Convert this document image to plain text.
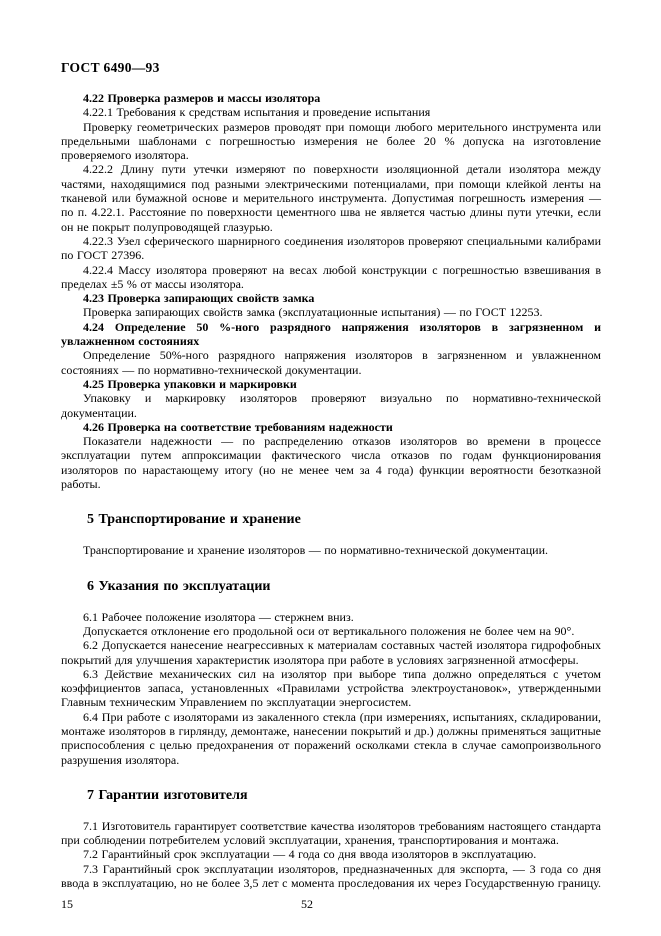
ГОСТ 6490—93

4.22 Проверка размеров и массы изолятора

4.22.1 Требования к средствам испытания и проведение испытания

Проверку геометрических размеров проводят при помощи любого мерительного инструмента или предельными шаблонами с погрешностью измерения не более 20 % допуска на изготовление проверяемого изолятора.

4.22.2 Длину пути утечки измеряют по поверхности изоляционной детали изолятора между частями, находящимися под разными электрическими потенциалами, при помощи клейкой ленты на тканевой или бумажной основе и мерительного инструмента. Допустимая погрешность измерения — по п. 4.22.1. Расстояние по поверхности цементного шва не является частью длины пути утечки, если он не покрыт полупроводящей глазурью.

4.22.3 Узел сферического шарнирного соединения изоляторов проверяют специальными калибрами по ГОСТ 27396.

4.22.4 Массу изолятора проверяют на весах любой конструкции с погрешностью взвешивания в пределах ±5 % от массы изолятора.

4.23 Проверка запирающих свойств замка

Проверка запирающих свойств замка (эксплуатационные испытания) — по ГОСТ 12253.

4.24 Определение 50 %-ного разрядного напряжения изоляторов в загрязненном и увлажненном состояниях

Определение 50%-ного разрядного напряжения изоляторов в загрязненном и увлажненном состояниях — по нормативно-технической документации.

4.25 Проверка упаковки и маркировки

Упаковку и маркировку изоляторов проверяют визуально по нормативно-технической документации.

4.26 Проверка на соответствие требованиям надежности

Показатели надежности — по распределению отказов изоляторов во времени в процессе эксплуатации путем аппроксимации фактического числа отказов по годам функционирования изоляторов по нарастающему итогу (но не менее чем за 4 года) функции вероятности безотказной работы.

5 Транспортирование и хранение

Транспортирование и хранение изоляторов — по нормативно-технической документации.

6 Указания по эксплуатации

6.1 Рабочее положение изолятора — стержнем вниз.

Допускается отклонение его продольной оси от вертикального положения не более чем на 90°.

6.2 Допускается нанесение неагрессивных к материалам составных частей изолятора гидрофобных покрытий для улучшения характеристик изолятора при работе в условиях загрязненной атмосферы.

6.3 Действие механических сил на изолятор при выборе типа должно определяться с учетом коэффициентов запаса, установленных «Правилами устройства электроустановок», утвержденными Главным техническим Управлением по эксплуатации энергосистем.

6.4 При работе с изоляторами из закаленного стекла (при измерениях, испытаниях, складировании, монтаже изоляторов в гирлянду, демонтаже, нанесении покрытий и др.) должны применяться защитные приспособления с целью предохранения от поражений осколками стекла в случае самопроизвольного разрушения изолятора.

7 Гарантии изготовителя

7.1 Изготовитель гарантирует соответствие качества изоляторов требованиям настоящего стандарта при соблюдении потребителем условий эксплуатации, хранения, транспортирования и монтажа.

7.2 Гарантийный срок эксплуатации — 4 года со дня ввода изоляторов в эксплуатацию.

7.3 Гарантийный срок эксплуатации изоляторов, предназначенных для экспорта, — 3 года со дня ввода в эксплуатацию, но не более 3,5 лет с момента проследования их через Государственную границу.

15	52
